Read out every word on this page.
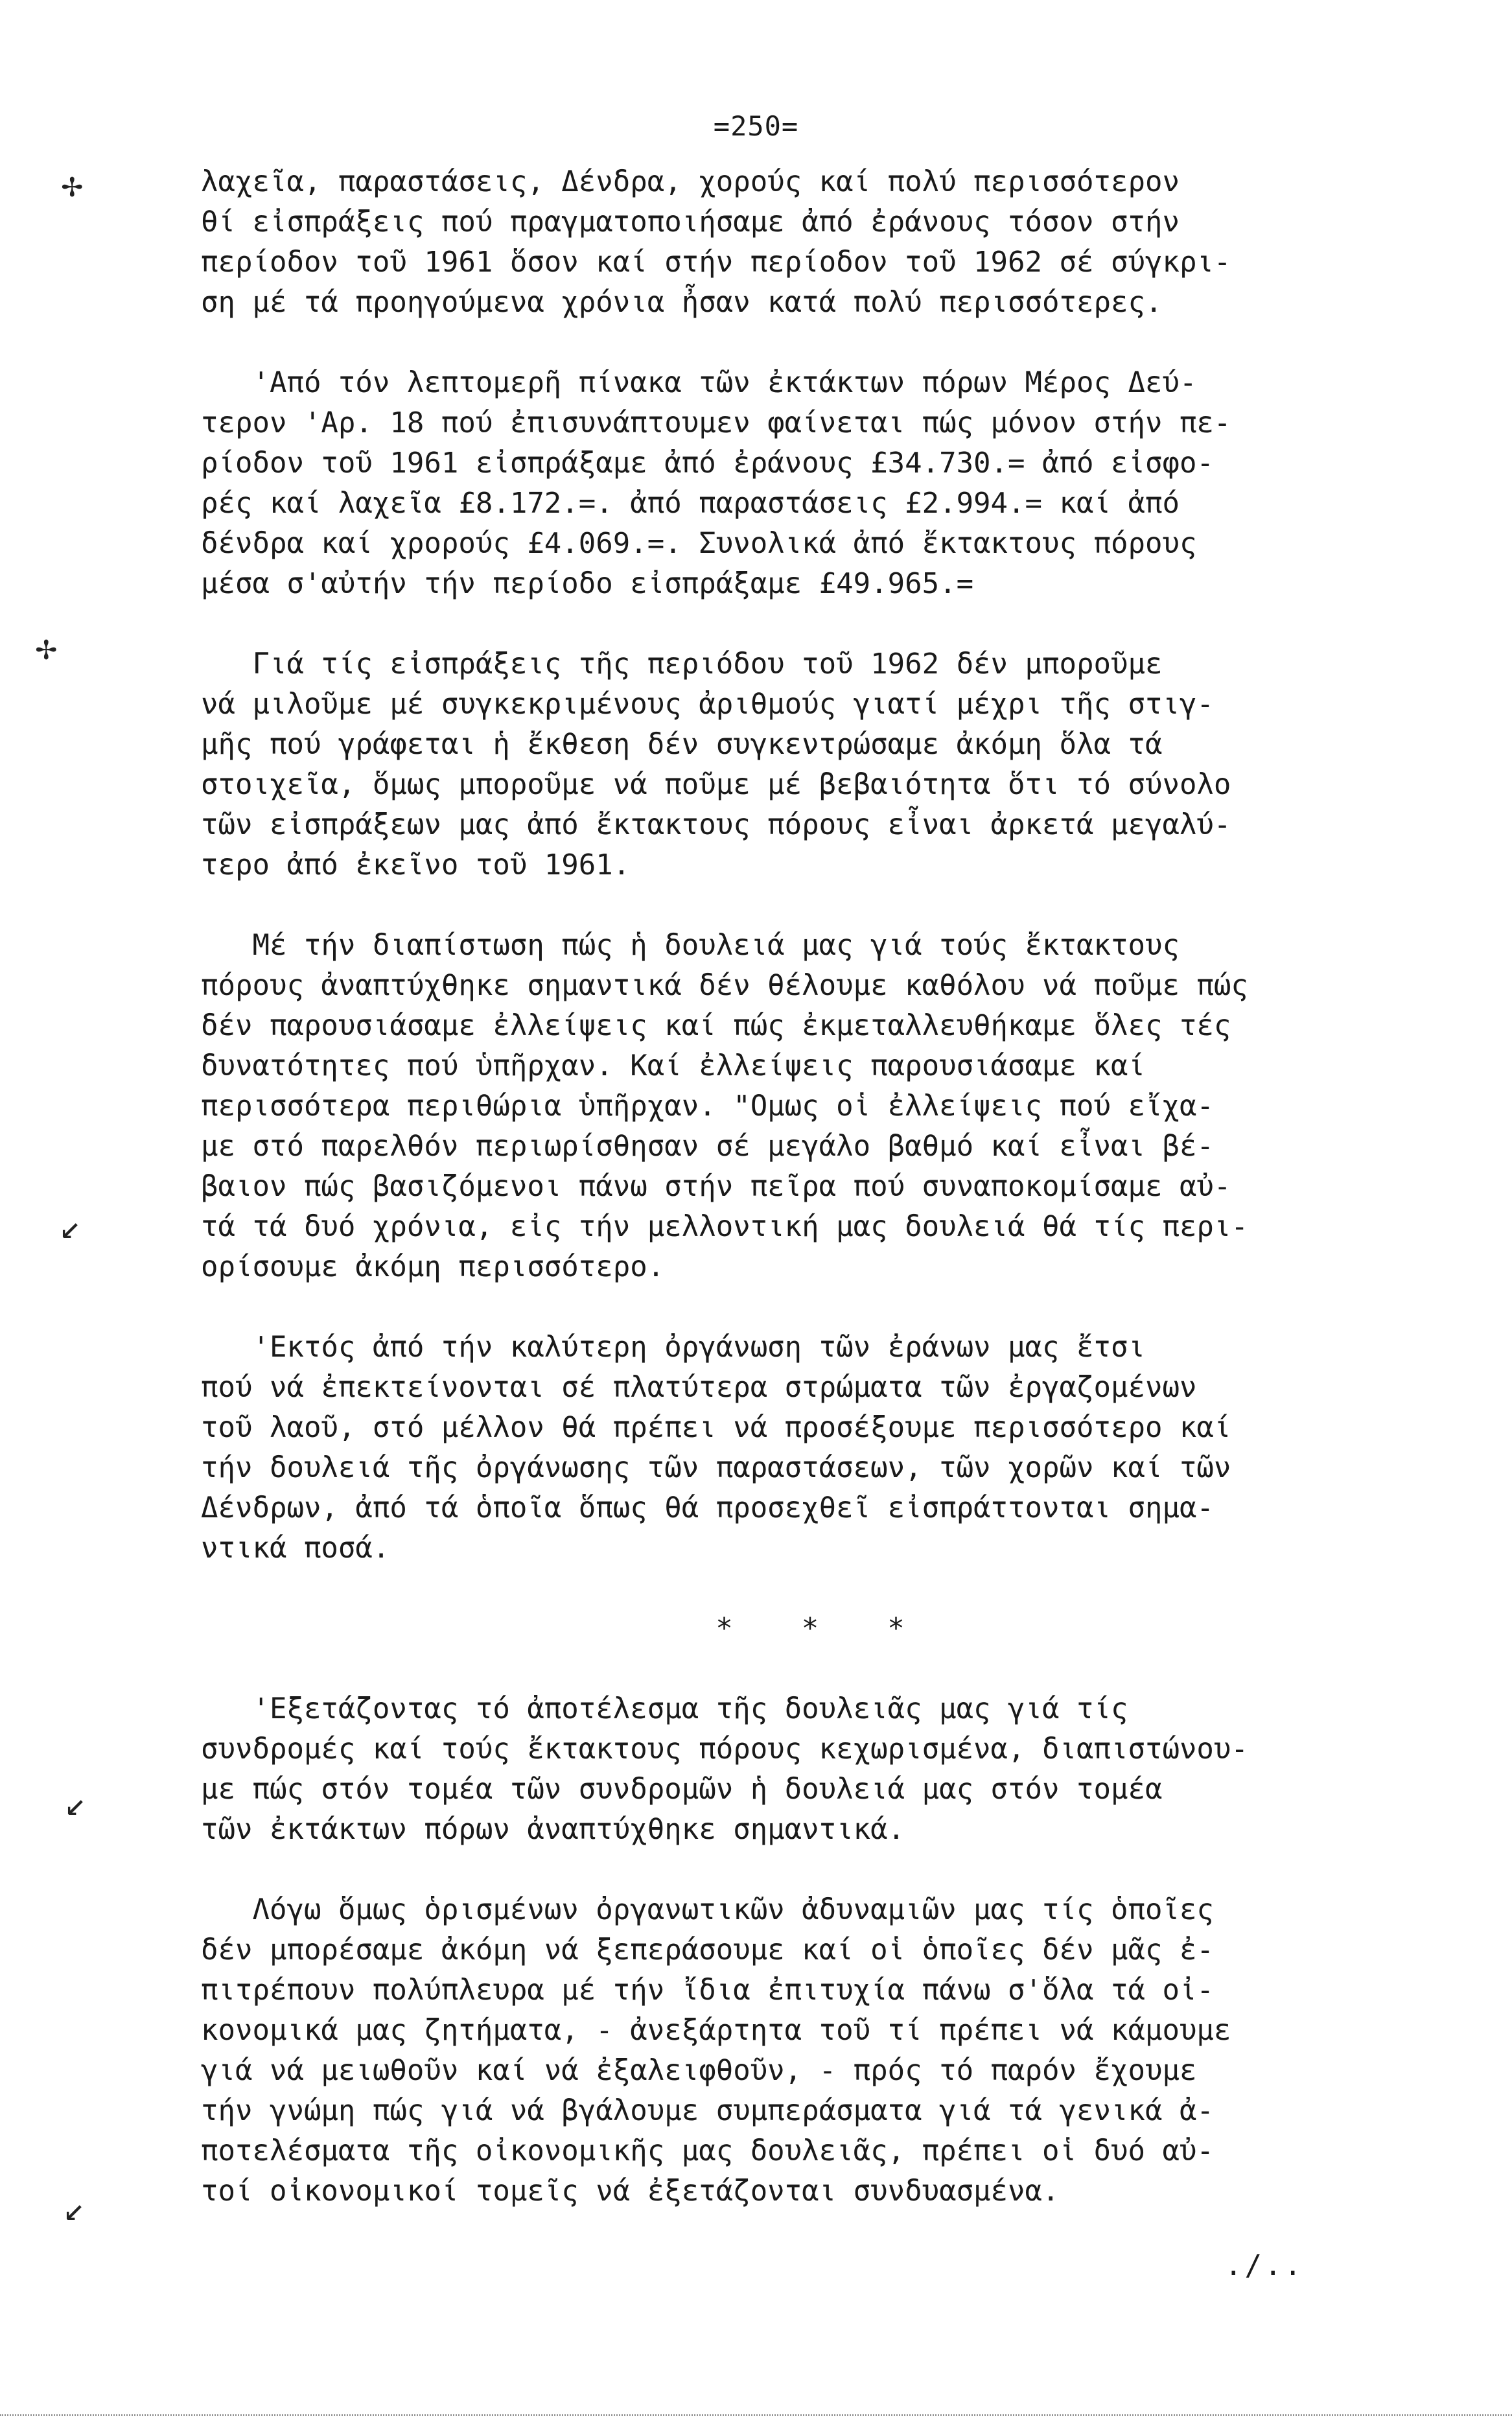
=250=
✢
✢
↙
↙
↙
λαχεῖα, παραστάσεις, Δένδρα, χορούς καί πολύ περισσότερον
θί εἰσπράξεις πού πραγματοποιήσαμε ἀπό ἐράνους τόσον στήν
περίοδον τοῦ 1961 ὅσον καί στήν περίοδον τοῦ 1962 σέ σύγκρι-
ση μέ τά προηγούμενα χρόνια ἦσαν κατά πολύ περισσότερες.
'Από τόν λεπτομερῆ πίνακα τῶν ἐκτάκτων πόρων Μέρος Δεύ-
τερον 'Αρ. 18 πού ἐπισυνάπτουμεν φαίνεται πώς μόνον στήν πε-
ρίοδον τοῦ 1961 εἰσπράξαμε ἀπό ἐράνους £34.730.= ἀπό εἰσφο-
ρές καί λαχεῖα £8.172.=. ἀπό παραστάσεις £2.994.= καί ἀπό
δένδρα καί χρορούς £4.069.=. Συνολικά ἀπό ἔκτακτους πόρους
μέσα σ'αὐτήν τήν περίοδο εἰσπράξαμε £49.965.=
Γιά τίς εἰσπράξεις τῆς περιόδου τοῦ 1962 δέν μποροῦμε
νά μιλοῦμε μέ συγκεκριμένους ἀριθμούς γιατί μέχρι τῆς στιγ-
μῆς πού γράφεται ἡ ἔκθεση δέν συγκεντρώσαμε ἀκόμη ὅλα τά
στοιχεῖα, ὅμως μποροῦμε νά ποῦμε μέ βεβαιότητα ὅτι τό σύνολο
τῶν εἰσπράξεων μας ἀπό ἔκτακτους πόρους εἶναι ἀρκετά μεγαλύ-
τερο ἀπό ἐκεῖνο τοῦ 1961.
Μέ τήν διαπίστωση πώς ἡ δουλειά μας γιά τούς ἔκτακτους
πόρους ἀναπτύχθηκε σημαντικά δέν θέλουμε καθόλου νά ποῦμε πώς
δέν παρουσιάσαμε ἐλλείψεις καί πώς ἐκμεταλλευθήκαμε ὅλες τές
δυνατότητες πού ὑπῆρχαν. Καί ἐλλείψεις παρουσιάσαμε καί
περισσότερα περιθώρια ὑπῆρχαν. "Ομως οἱ ἐλλείψεις πού εἴχα-
με στό παρελθόν περιωρίσθησαν σέ μεγάλο βαθμό καί εἶναι βέ-
βαιον πώς βασιζόμενοι πάνω στήν πεῖρα πού συναποκομίσαμε αὐ-
τά τά δυό χρόνια, εἰς τήν μελλοντική μας δουλειά θά τίς περι-
ορίσουμε ἀκόμη περισσότερο.
'Εκτός ἀπό τήν καλύτερη ὀργάνωση τῶν ἐράνων μας ἔτσι
πού νά ἐπεκτείνονται σέ πλατύτερα στρώματα τῶν ἐργαζομένων
τοῦ λαοῦ, στό μέλλον θά πρέπει νά προσέξουμε περισσότερο καί
τήν δουλειά τῆς ὀργάνωσης τῶν παραστάσεων, τῶν χορῶν καί τῶν
Δένδρων, ἀπό τά ὁποῖα ὅπως θά προσεχθεῖ εἰσπράττονται σημα-
ντικά ποσά.
*    *    *
'Εξετάζοντας τό ἀποτέλεσμα τῆς δουλειᾶς μας γιά τίς
συνδρομές καί τούς ἔκτακτους πόρους κεχωρισμένα, διαπιστώνου-
με πώς στόν τομέα τῶν συνδρομῶν ἡ δουλειά μας στόν τομέα
τῶν ἐκτάκτων πόρων ἀναπτύχθηκε σημαντικά.
Λόγω ὅμως ὁρισμένων ὀργανωτικῶν ἀδυναμιῶν μας τίς ὁποῖες
δέν μπορέσαμε ἀκόμη νά ξεπεράσουμε καί οἱ ὁποῖες δέν μᾶς ἐ-
πιτρέπουν πολύπλευρα μέ τήν ἴδια ἐπιτυχία πάνω σ'ὅλα τά οἰ-
κονομικά μας ζητήματα, - ἀνεξάρτητα τοῦ τί πρέπει νά κάμουμε
γιά νά μειωθοῦν καί νά ἐξαλειφθοῦν, - πρός τό παρόν ἔχουμε
τήν γνώμη πώς γιά νά βγάλουμε συμπεράσματα γιά τά γενικά ἀ-
ποτελέσματα τῆς οἰκονομικῆς μας δουλειᾶς, πρέπει οἱ δυό αὐ-
τοί οἰκονομικοί τομεῖς νά ἐξετάζονται συνδυασμένα.
./..
